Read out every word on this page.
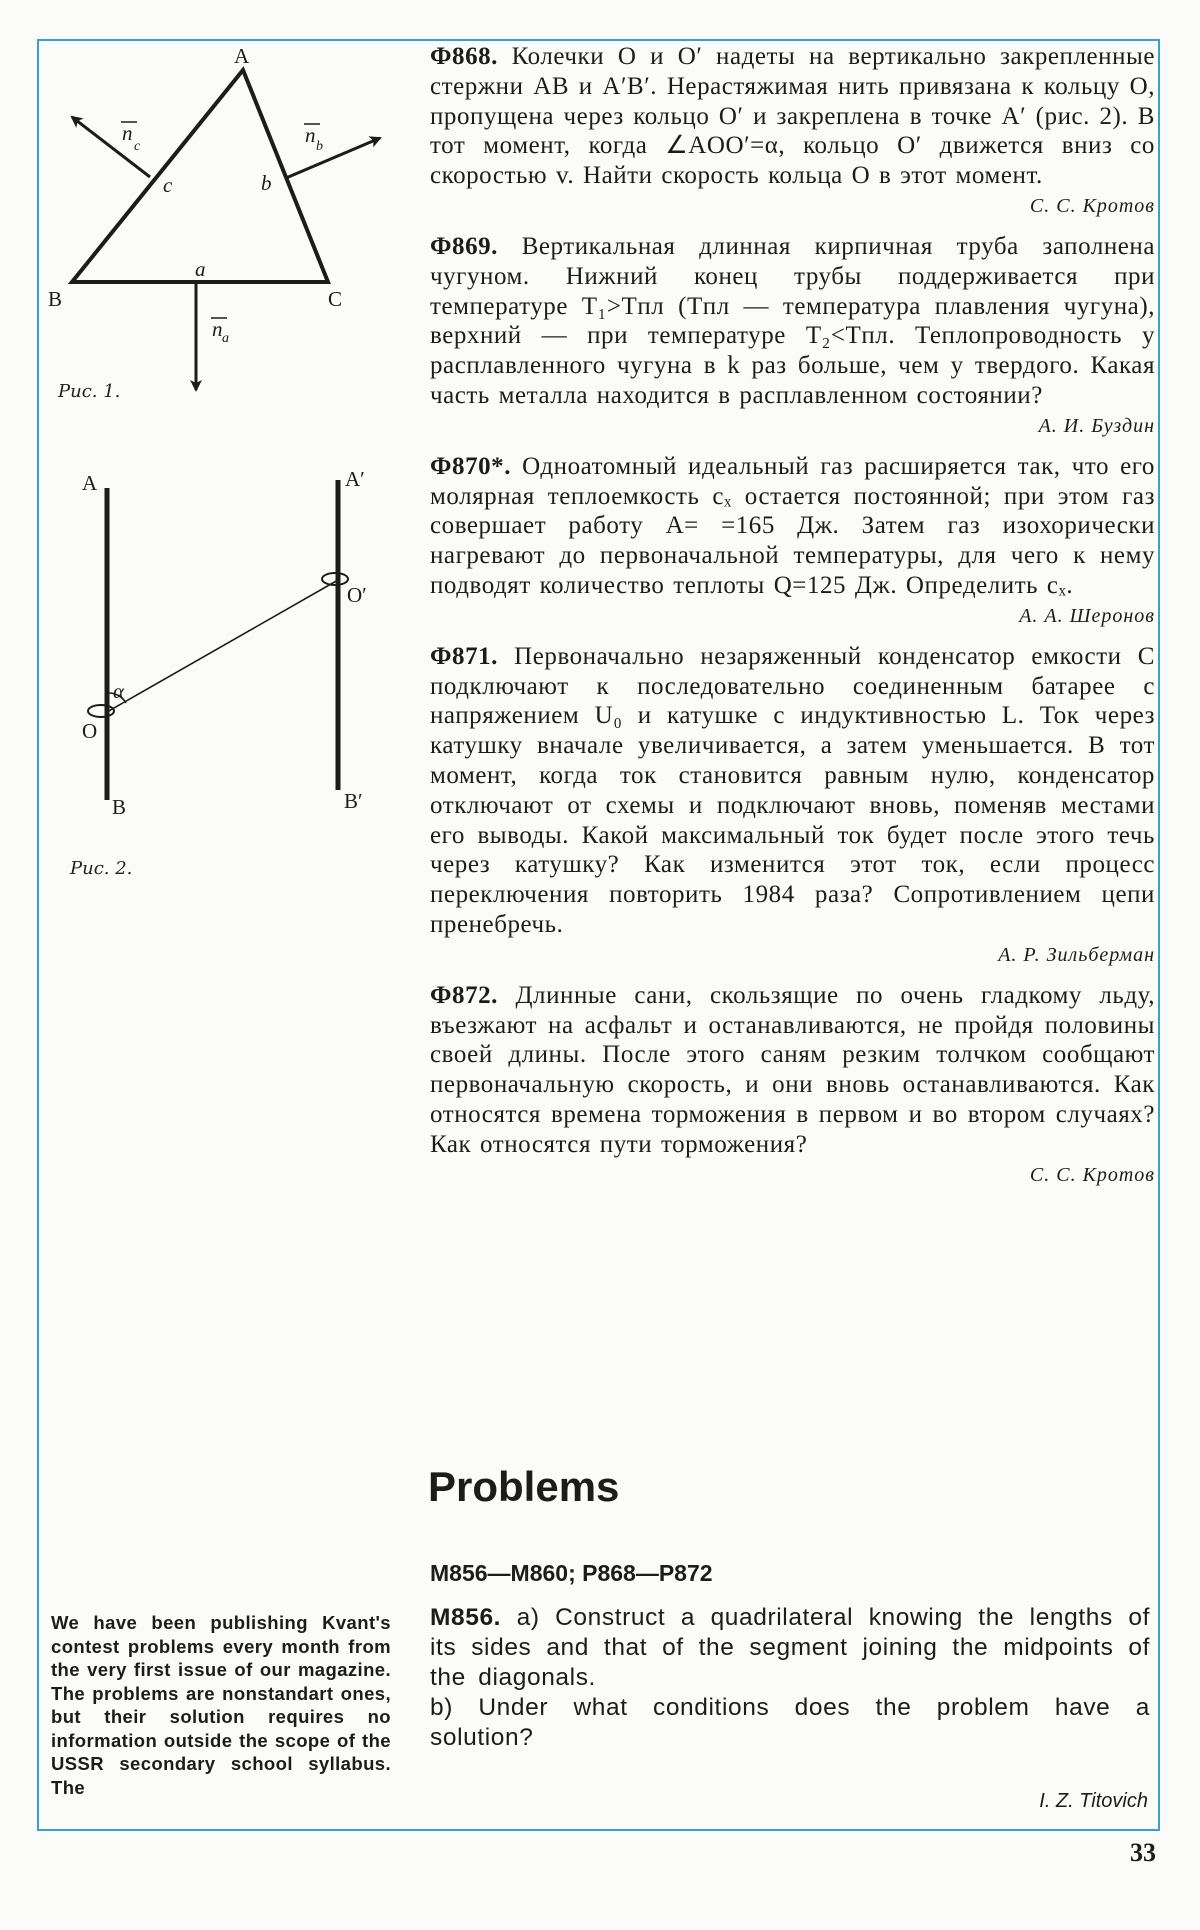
A
B	C
a
b
c
n a
n b
n
c
A	A′
O′
α
O
B	B′
Рис. 1.
Рис. 2.

Ф868. Колечки O и O′ надеты на вертикально закрепленные стержни AB и A′B′. Нерастяжимая нить привязана к кольцу O, пропущена через кольцо O′ и закреплена в точке A′ (рис. 2). В тот момент, когда ∠AOO′=α, кольцо O′ движется вниз со скоростью v. Найти скорость кольца O в этот момент.

С. С. Кротов

Ф869. Вертикальная длинная кирпичная труба заполнена чугуном. Нижний конец трубы поддерживается при температуре T₁>Tпл (Tпл — температура плавления чугуна), верхний — при температуре T₂<Tпл. Теплопроводность у расплавленного чугуна в k раз больше, чем у твердого. Какая часть металла находится в расплавленном состоянии?

А. И. Буздин

Ф870*. Одноатомный идеальный газ расширяется так, что его молярная теплоемкость cₓ остается постоянной; при этом газ совершает работу A= =165 Дж. Затем газ изохорически нагревают до первоначальной температуры, для чего к нему подводят количество теплоты Q=125 Дж. Определить cₓ.

А. А. Шеронов

Ф871. Первоначально незаряженный конденсатор емкости C подключают к последовательно соединенным батарее с напряжением U₀ и катушке с индуктивностью L. Ток через катушку вначале увеличивается, а затем уменьшается. В тот момент, когда ток становится равным нулю, конденсатор отключают от схемы и подключают вновь, поменяв местами его выводы. Какой максимальный ток будет после этого течь через катушку? Как изменится этот ток, если процесс переключения повторить 1984 раза? Сопротивлением цепи пренебречь.

А. Р. Зильберман

Ф872. Длинные сани, скользящие по очень гладкому льду, въезжают на асфальт и останавливаются, не пройдя половины своей длины. После этого саням резким толчком сообщают первоначальную скорость, и они вновь останавливаются. Как относятся времена торможения в первом и во втором случаях? Как относятся пути торможения?

С. С. Кротов

Problems
M856—M860; P868—P872

M856. a) Construct a quadrilateral knowing the lengths of its sides and that of the segment joining the midpoints of the diagonals.

b) Under what conditions does the problem have a solution?

I. Z. Titovich

We have been publishing Kvant's contest problems every month from the very first issue of our magazine. The problems are nonstandart ones, but their solution requires no information outside the scope of the USSR secondary school syllabus. The

33
